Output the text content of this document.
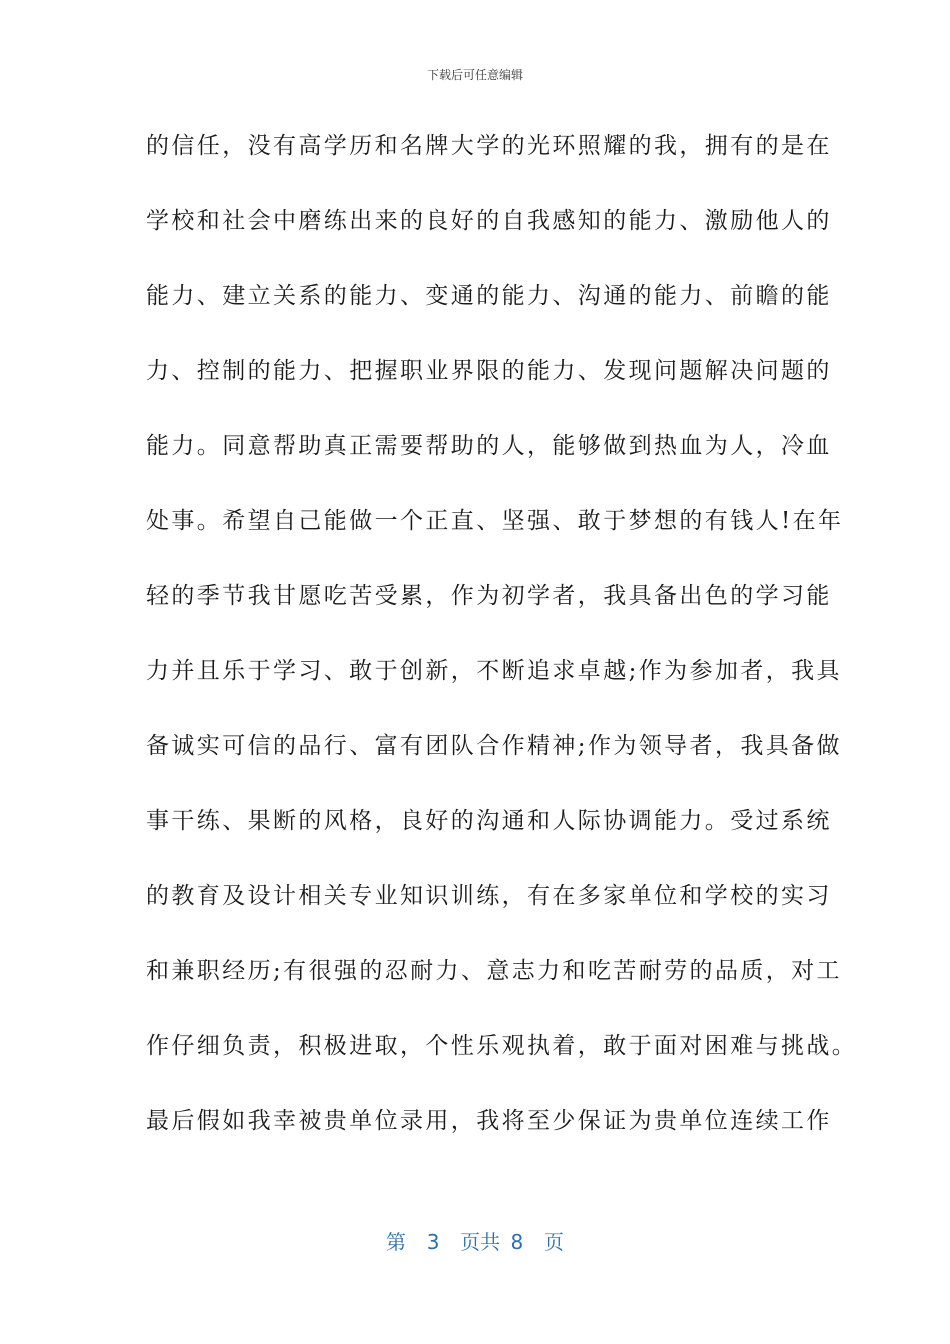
下载后可任意编辑
的信任，没有高学历和名牌大学的光环照耀的我，拥有的是在
学校和社会中磨练出来的良好的自我感知的能力、激励他人的
能力、建立关系的能力、变通的能力、沟通的能力、前瞻的能
力、控制的能力、把握职业界限的能力、发现问题解决问题的
能力。同意帮助真正需要帮助的人，能够做到热血为人，冷血
处事。希望自己能做一个正直、坚强、敢于梦想的有钱人!在年
轻的季节我甘愿吃苦受累，作为初学者，我具备出色的学习能
力并且乐于学习、敢于创新，不断追求卓越;作为参加者，我具
备诚实可信的品行、富有团队合作精神;作为领导者，我具备做
事干练、果断的风格，良好的沟通和人际协调能力。受过系统
的教育及设计相关专业知识训练，有在多家单位和学校的实习
和兼职经历;有很强的忍耐力、意志力和吃苦耐劳的品质，对工
作仔细负责，积极进取，个性乐观执着，敢于面对困难与挑战。
最后假如我幸被贵单位录用，我将至少保证为贵单位连续工作
第  3  页共 8  页
